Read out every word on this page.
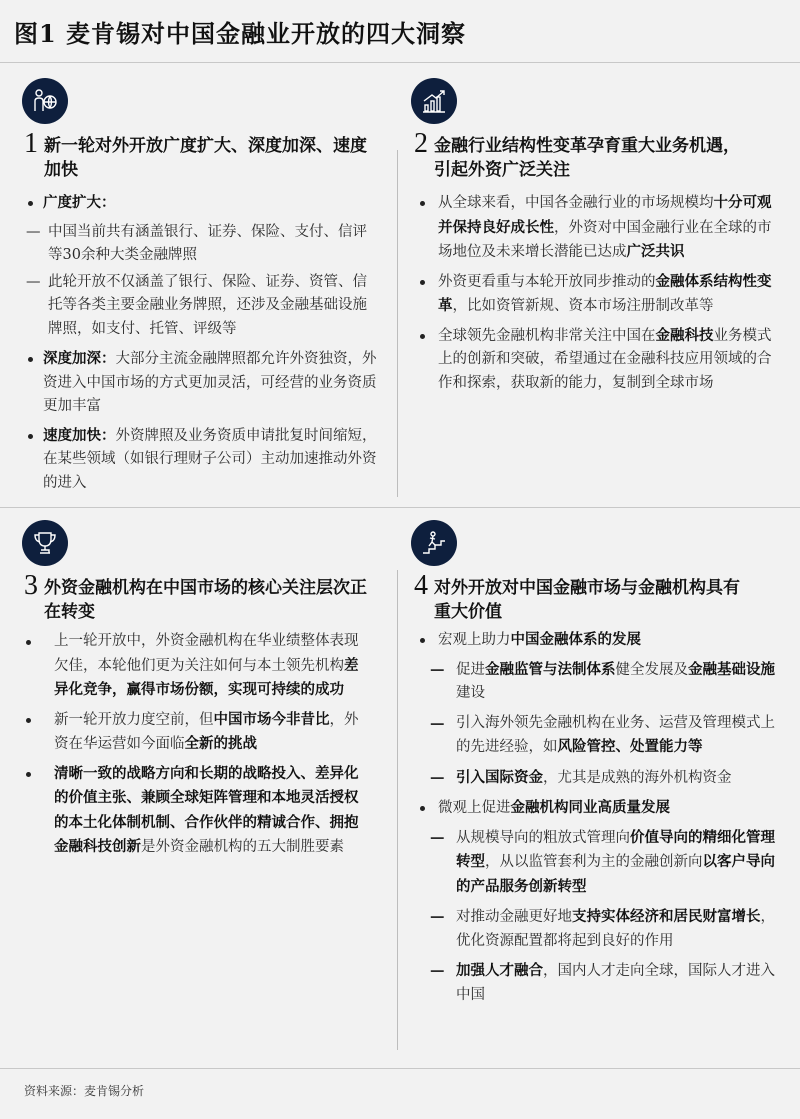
图1 麦肯锡对中国金融业开放的四大洞察
1 新一轮对外开放广度扩大、深度加深、速度加快
广度扩大：
— 中国当前共有涵盖银行、证券、保险、支付、信评等30余种大类金融牌照
— 此轮开放不仅涵盖了银行、保险、证券、资管、信托等各类主要金融业务牌照，还涉及金融基础设施牌照，如支付、托管、评级等
深度加深：大部分主流金融牌照都允许外资独资，外资进入中国市场的方式更加灵活，可经营的业务资质更加丰富
速度加快：外资牌照及业务资质申请批复时间缩短，在某些领域（如银行理财子公司）主动加速推动外资的进入
2 金融行业结构性变革孕育重大业务机遇，引起外资广泛关注
从全球来看，中国各金融行业的市场规模均十分可观并保持良好成长性，外资对中国金融行业在全球的市场地位及未来增长潜能已达成广泛共识
外资更看重与本轮开放同步推动的金融体系结构性变革，比如资管新规、资本市场注册制改革等
全球领先金融机构非常关注中国在金融科技业务模式上的创新和突破，希望通过在金融科技应用领域的合作和探索，获取新的能力，复制到全球市场
3 外资金融机构在中国市场的核心关注层次正在转变
上一轮开放中，外资金融机构在华业绩整体表现欠佳，本轮他们更为关注如何与本土领先机构差异化竞争，赢得市场份额，实现可持续的成功
新一轮开放力度空前，但中国市场今非昔比，外资在华运营如今面临全新的挑战
清晰一致的战略方向和长期的战略投入、差异化的价值主张、兼顾全球矩阵管理和本地灵活授权的本土化体制机制、合作伙伴的精诚合作、拥抱金融科技创新是外资金融机构的五大制胜要素
4 对外开放对中国金融市场与金融机构具有重大价值
宏观上助力中国金融体系的发展
— 促进金融监管与法制体系健全发展及金融基础设施建设
— 引入海外领先金融机构在业务、运营及管理模式上的先进经验，如风险管控、处置能力等
— 引入国际资金，尤其是成熟的海外机构资金
微观上促进金融机构同业高质量发展
— 从规模导向的粗放式管理向价值导向的精细化管理转型，从以监管套利为主的金融创新向以客户导向的产品服务创新转型
— 对推动金融更好地支持实体经济和居民财富增长，优化资源配置都将起到良好的作用
— 加强人才融合，国内人才走向全球，国际人才进入中国
资料来源：麦肯锡分析
